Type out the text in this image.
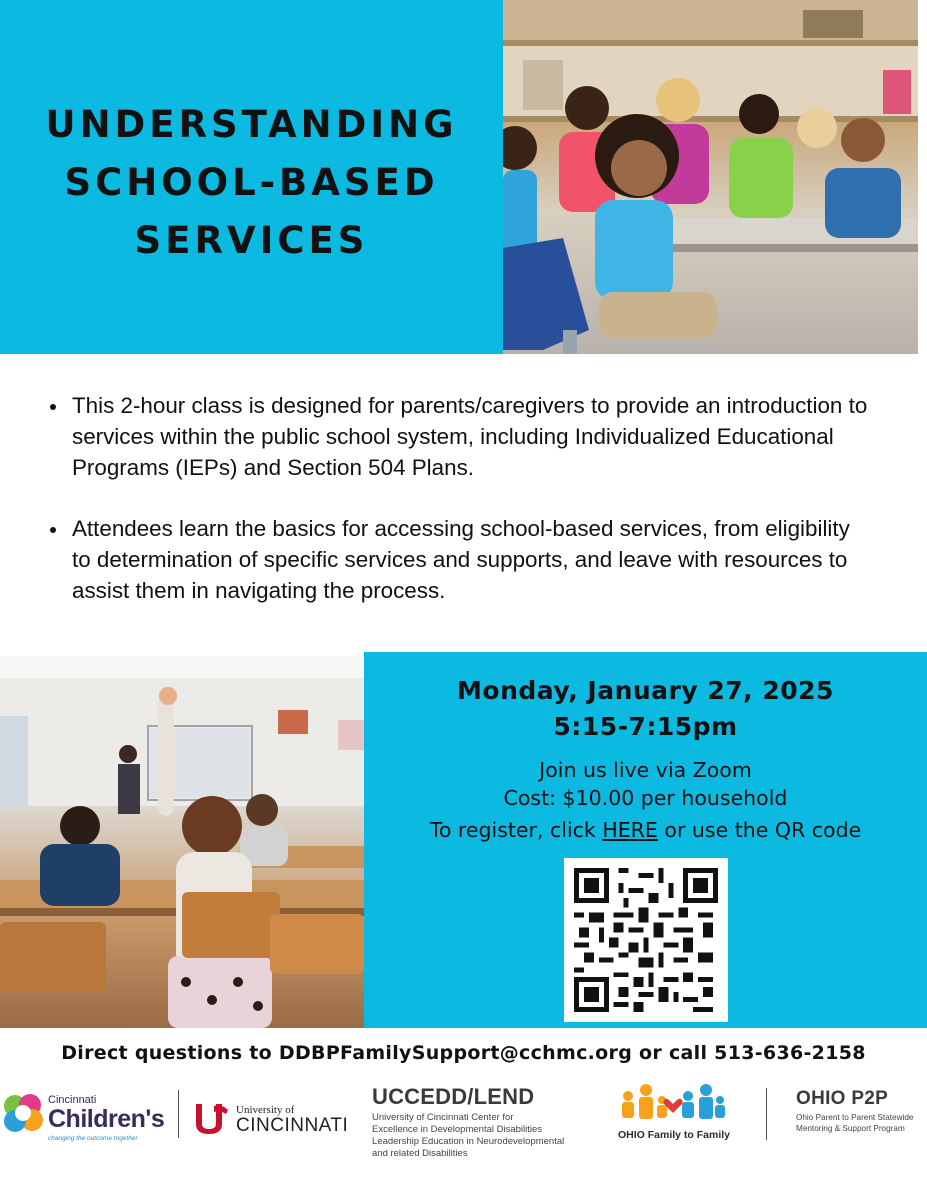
UNDERSTANDING
SCHOOL-BASED
SERVICES
This 2-hour class is designed for parents/caregivers to provide an introduction to services within the public school system, including Individualized Educational Programs (IEPs) and Section 504 Plans.
Attendees learn the basics for accessing school-based services, from eligibility to determination of specific services and supports, and leave with resources to assist them in navigating the process.
Monday, January 27, 2025
5:15-7:15pm
Join us live via Zoom
Cost: $10.00 per household
To register, click HERE or use the QR code
Direct questions to DDBPFamilySupport@cchmc.org or call 513-636-2158
Cincinnati
Children's
changing the outcome together
University of
CINCINNATI
UCCEDD/LEND
University of Cincinnati Center for
Excellence in Developmental Disabilities
Leadership Education in Neurodevelopmental
and related Disabilities
OHIO Family to Family
OHIO P2P
Ohio Parent to Parent Statewide
Mentoring & Support Program
